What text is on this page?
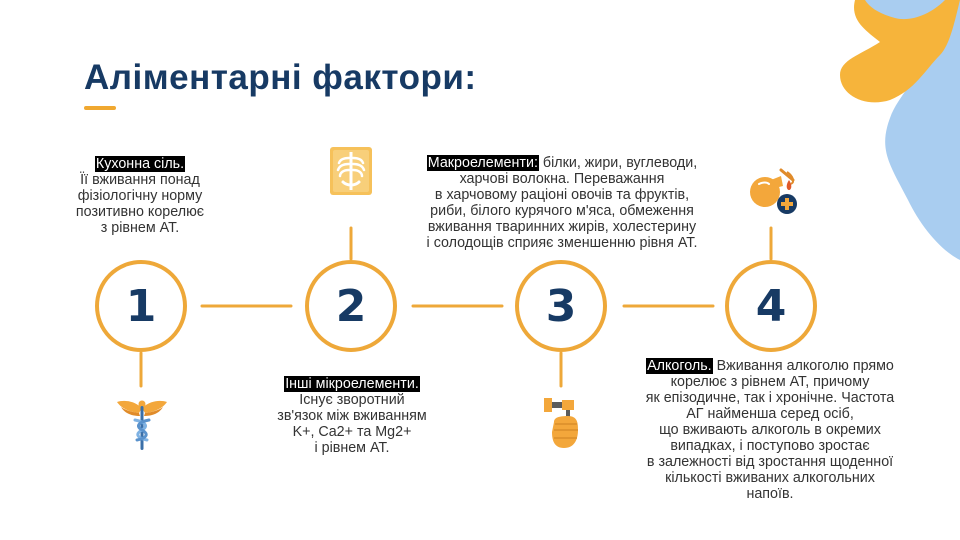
Аліментарні фактори:
1	2	3	4
Кухонна сіль.
Її вживання понад
фізіологічну норму
позитивно корелює
з рівнем АТ.
Інші мікроелементи.
Існує зворотний
зв'язок між вживанням
K+, Ca2+ та Mg2+
і рівнем АТ.
Макроелементи: білки, жири, вуглеводи,
харчові волокна. Переважання
в харчовому раціоні овочів та фруктів,
риби, білого курячого м'яса, обмеження
вживання тваринних жирів, холестерину
і солодощів сприяє зменшенню рівня АТ.
Алкоголь. Вживання алкоголю прямо
корелює з рівнем АТ, причому
як епізодичне, так і хронічне. Частота
АГ найменша серед осіб,
що вживають алкоголь в окремих
випадках, і поступово зростає
в залежності від зростання щоденної
кількості вживаних алкогольних
напоїв.
